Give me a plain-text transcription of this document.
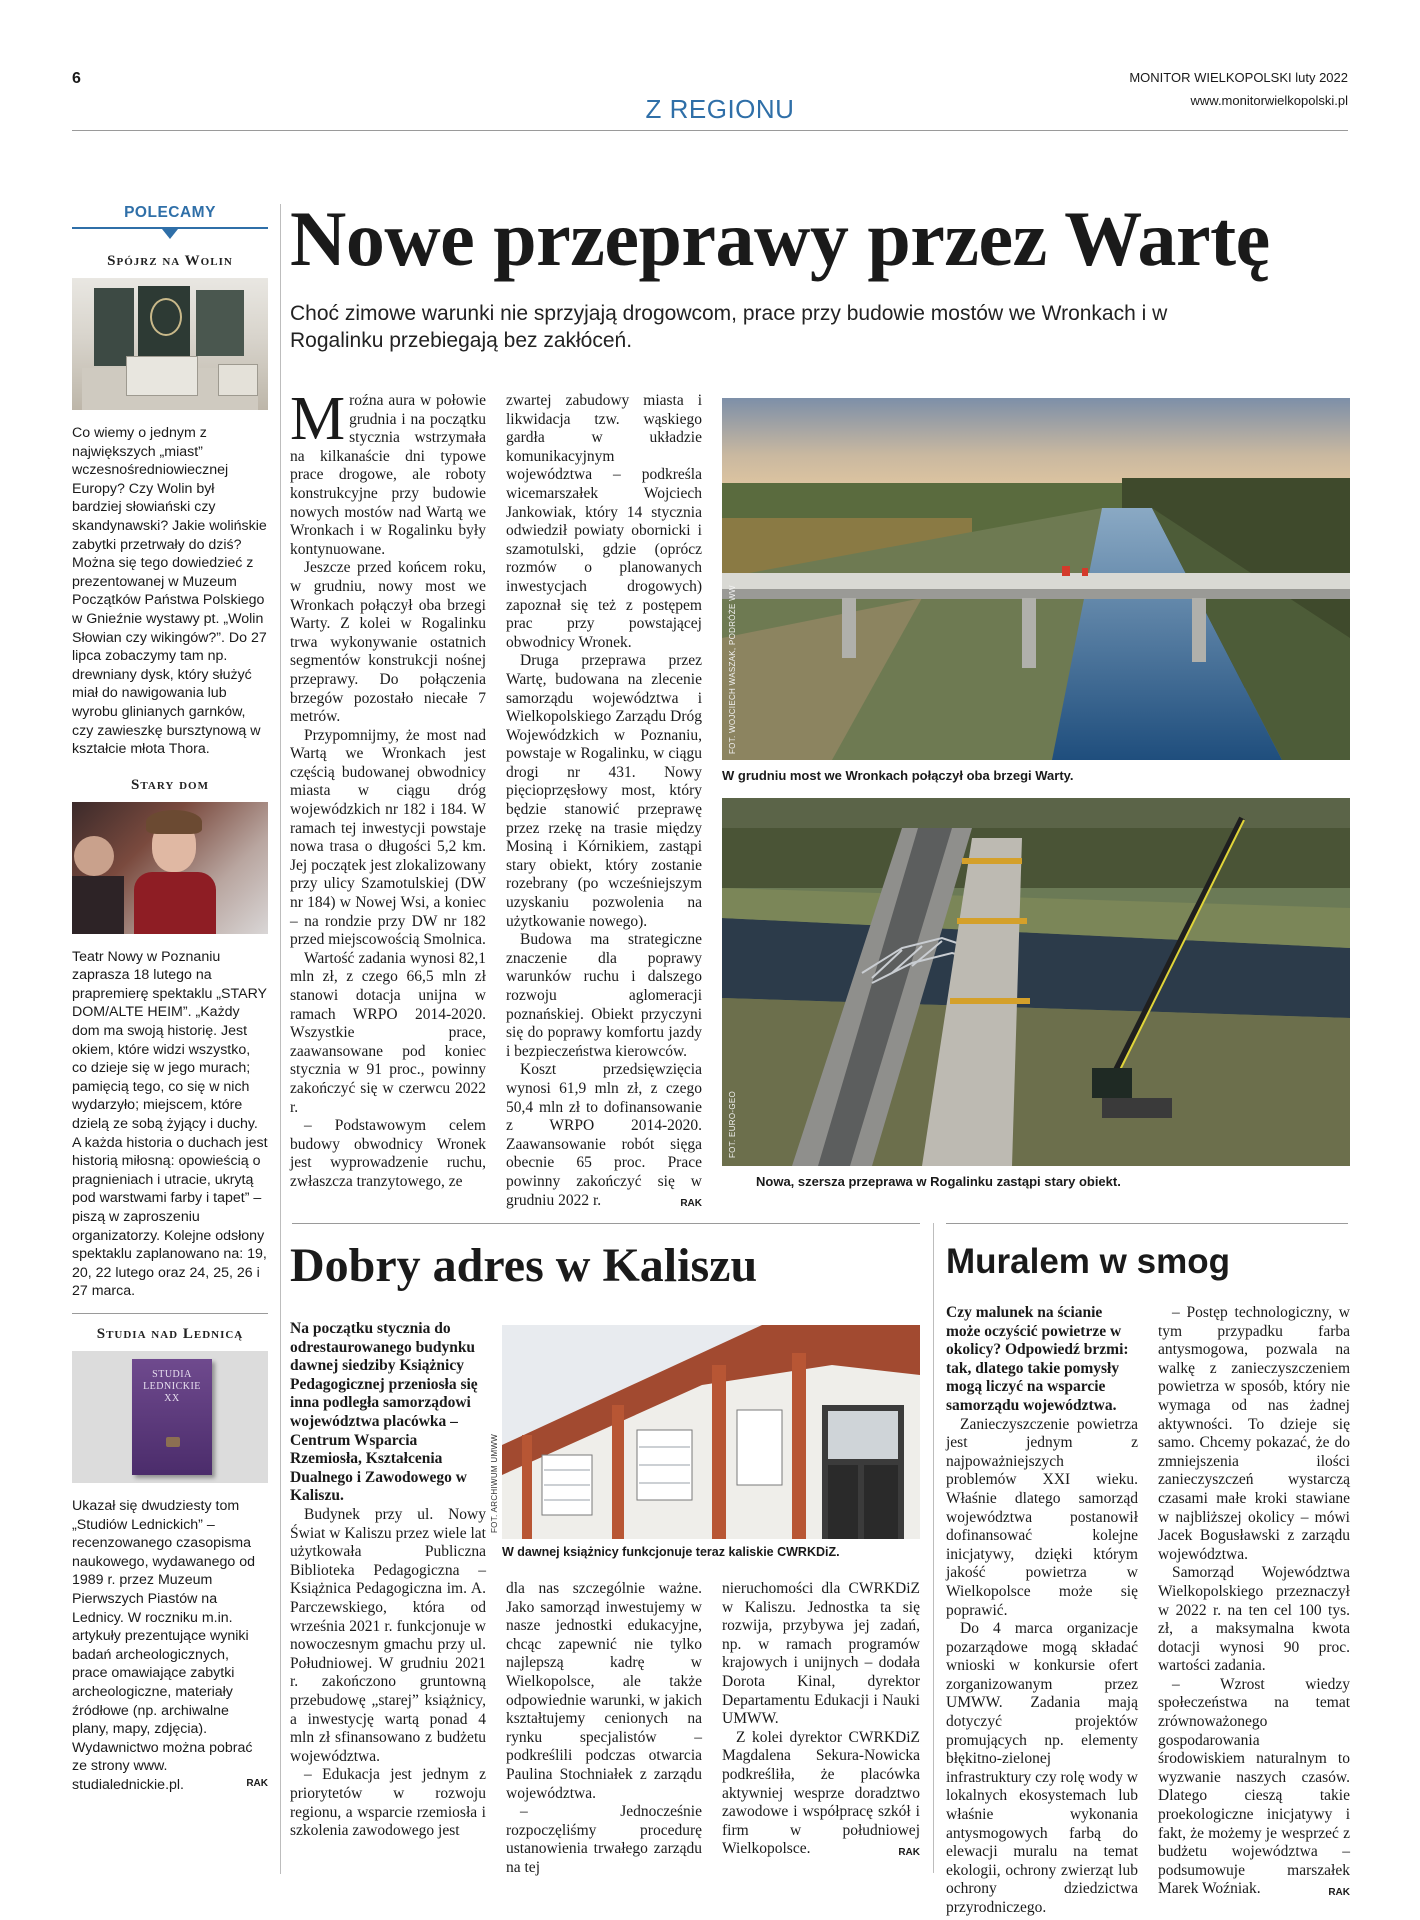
6
Z REGIONU
MONITOR WIELKOPOLSKI luty 2022
www.monitorwielkopolski.pl
POLECAMY
Spójrz na Wolin
Co wiemy o jednym z największych „miast” wczesnośredniowiecznej Europy? Czy Wolin był bardziej słowiański czy skandynawski? Jakie wolińskie zabytki przetrwały do dziś? Można się tego dowiedzieć z prezentowanej w Muzeum Początków Państwa Polskiego w Gnieźnie wystawy pt. „Wolin Słowian czy wikingów?”. Do 27 lipca zobaczymy tam np. drewniany dysk, który służyć miał do nawigowania lub wyrobu glinianych garnków, czy zawieszkę bursztynową w kształcie młota Thora.
Stary dom
Teatr Nowy w Poznaniu zaprasza 18 lutego na prapremierę spektaklu „STARY DOM/ALTE HEIM”. „Każdy dom ma swoją historię. Jest okiem, które widzi wszystko, co dzieje się w jego murach; pamięcią tego, co się w nich wydarzyło; miejscem, które dzielą ze sobą żyjący i duchy. A każda historia o duchach jest historią miłosną: opowieścią o pragnieniach i utracie, ukrytą pod warstwami farby i tapet” – piszą w zaproszeniu organizatorzy. Kolejne odsłony spektaklu zaplanowano na: 19, 20, 22 lutego oraz 24, 25, 26 i 27 marca.
Studia nad Lednicą
STUDIA LEDNICKIE XX
Ukazał się dwudziesty tom „Studiów Lednickich” – recenzowanego czasopisma naukowego, wydawanego od 1989 r. przez Muzeum Pierwszych Piastów na Lednicy. W roczniku m.in. artykuły prezentujące wyniki badań archeologicznych, prace omawiające zabytki archeologiczne, materiały źródłowe (np. archiwalne plany, mapy, zdjęcia). Wydawnictwo można pobrać ze strony www. studialednickie.pl.	RAK
Nowe przeprawy przez Wartę
Choć zimowe warunki nie sprzyjają drogowcom, prace przy budowie mostów we Wronkach i w Rogalinku przebiegają bez zakłóceń.
M roźna aura w połowie grudnia i na początku stycznia wstrzymała na kilkanaście dni typowe prace drogowe, ale roboty konstrukcyjne przy budowie nowych mostów nad Wartą we Wronkach i w Rogalinku były kontynuowane.

Jeszcze przed końcem roku, w grudniu, nowy most we Wronkach połączył oba brzegi Warty. Z kolei w Rogalinku trwa wykonywanie ostatnich segmentów konstrukcji nośnej przeprawy. Do połączenia brzegów pozostało niecałe 7 metrów.

Przypomnijmy, że most nad Wartą we Wronkach jest częścią budowanej obwodnicy miasta w ciągu dróg wojewódzkich nr 182 i 184. W ramach tej inwestycji powstaje nowa trasa o długości 5,2 km. Jej początek jest zlokalizowany przy ulicy Szamotulskiej (DW nr 184) w Nowej Wsi, a koniec – na rondzie przy DW nr 182 przed miejscowością Smolnica.

Wartość zadania wynosi 82,1 mln zł, z czego 66,5 mln zł stanowi dotacja unijna w ramach WRPO 2014-2020. Wszystkie prace, zaawansowane pod koniec stycznia w 91 proc., powinny zakończyć się w czerwcu 2022 r.

– Podstawowym celem budowy obwodnicy Wronek jest wyprowadzenie ruchu, zwłaszcza tranzytowego, ze

zwartej zabudowy miasta i likwidacja tzw. wąskiego gardła w układzie komunikacyjnym województwa – podkreśla wicemarszałek Wojciech Jankowiak, który 14 stycznia odwiedził powiaty obornicki i szamotulski, gdzie (oprócz rozmów o planowanych inwestycjach drogowych) zapoznał się też z postępem prac przy powstającej obwodnicy Wronek.

Druga przeprawa przez Wartę, budowana na zlecenie samorządu województwa i Wielkopolskiego Zarządu Dróg Wojewódzkich w Poznaniu, powstaje w Rogalinku, w ciągu drogi nr 431. Nowy pięcioprzęsłowy most, który będzie stanowić przeprawę przez rzekę na trasie między Mosiną i Kórnikiem, zastąpi stary obiekt, który zostanie rozebrany (po wcześniejszym uzyskaniu pozwolenia na użytkowanie nowego).

Budowa ma strategiczne znaczenie dla poprawy warunków ruchu i dalszego rozwoju aglomeracji poznańskiej. Obiekt przyczyni się do poprawy komfortu jazdy i bezpieczeństwa kierowców.

Koszt przedsięwzięcia wynosi 61,9 mln zł, z czego 50,4 mln zł to dofinansowanie z WRPO 2014-2020. Zaawansowanie robót sięga obecnie 65 proc. Prace powinny zakończyć się w grudniu 2022 r.	RAK
FOT. WOJCIECH WASZAK, PODRÓŻE WW
W grudniu most we Wronkach połączył oba brzegi Warty.
FOT. EURO-GEO
Nowa, szersza przeprawa w Rogalinku zastąpi stary obiekt.
Dobry adres w Kaliszu
Na początku stycznia do odrestaurowanego budynku dawnej siedziby Książnicy Pedagogicznej przeniosła się inna podległa samorządowi województwa placówka – Centrum Wsparcia Rzemiosła, Kształcenia Dualnego i Zawodowego w Kaliszu.

Budynek przy ul. Nowy Świat w Kaliszu przez wiele lat użytkowała Publiczna Biblioteka Pedagogiczna – Książnica Pedagogiczna im. A. Parczewskiego, która od września 2021 r. funkcjonuje w nowoczesnym gmachu przy ul. Południowej. W grudniu 2021 r. zakończono gruntowną przebudowę „starej” książnicy, a inwestycję wartą ponad 4 mln zł sfinansowano z budżetu województwa.

– Edukacja jest jednym z priorytetów w rozwoju regionu, a wsparcie rzemiosła i szkolenia zawodowego jest

FOT. ARCHIWUM UMWW
W dawnej książnicy funkcjonuje teraz kaliskie CWRKDiZ.

dla nas szczególnie ważne. Jako samorząd inwestujemy w nasze jednostki edukacyjne, chcąc zapewnić nie tylko najlepszą kadrę w Wielkopolsce, ale także odpowiednie warunki, w jakich kształtujemy cenionych na rynku specjalistów – podkreślili podczas otwarcia Paulina Stochniałek z zarządu województwa.

– Jednocześnie rozpoczęliśmy procedurę ustanowienia trwałego zarządu na tej

nieruchomości dla CWRKDiZ w Kaliszu. Jednostka ta się rozwija, przybywa jej zadań, np. w ramach programów krajowych i unijnych – dodała Dorota Kinal, dyrektor Departamentu Edukacji i Nauki UMWW.

Z kolei dyrektor CWRKDiZ Magdalena Sekura-Nowicka podkreśliła, że placówka aktywniej wesprze doradztwo zawodowe i współpracę szkół i firm w południowej Wielkopolsce.	RAK
Muralem w smog

Czy malunek na ścianie może oczyścić powietrze w okolicy? Odpowiedź brzmi: tak, dlatego takie pomysły mogą liczyć na wsparcie samorządu województwa.

Zanieczyszczenie powietrza jest jednym z najpoważniejszych problemów XXI wieku. Właśnie dlatego samorząd województwa postanowił dofinansować kolejne inicjatywy, dzięki którym jakość powietrza w Wielkopolsce może się poprawić.

Do 4 marca organizacje pozarządowe mogą składać wnioski w konkursie ofert zorganizowanym przez UMWW. Zadania mają dotyczyć projektów promujących np. elementy błękitno-zielonej infrastruktury czy rolę wody w lokalnych ekosystemach lub właśnie wykonania antysmogowych farbą do elewacji muralu na temat ekologii, ochrony zwierząt lub ochrony dziedzictwa przyrodniczego.

– Postęp technologiczny, w tym przypadku farba antysmogowa, pozwala na walkę z zanieczyszczeniem powietrza w sposób, który nie wymaga od nas żadnej aktywności. To dzieje się samo. Chcemy pokazać, że do zmniejszenia ilości zanieczyszczeń wystarczą czasami małe kroki stawiane w najbliższej okolicy – mówi Jacek Bogusławski z zarządu województwa.

Samorząd Województwa Wielkopolskiego przeznaczył w 2022 r. na ten cel 100 tys. zł, a maksymalna kwota dotacji wynosi 90 proc. wartości zadania.

– Wzrost wiedzy społeczeństwa na temat zrównoważonego gospodarowania środowiskiem naturalnym to wyzwanie naszych czasów. Dlatego cieszą takie proekologiczne inicjatywy i fakt, że możemy je wesprzeć z budżetu województwa – podsumowuje marszałek Marek Woźniak.	RAK
